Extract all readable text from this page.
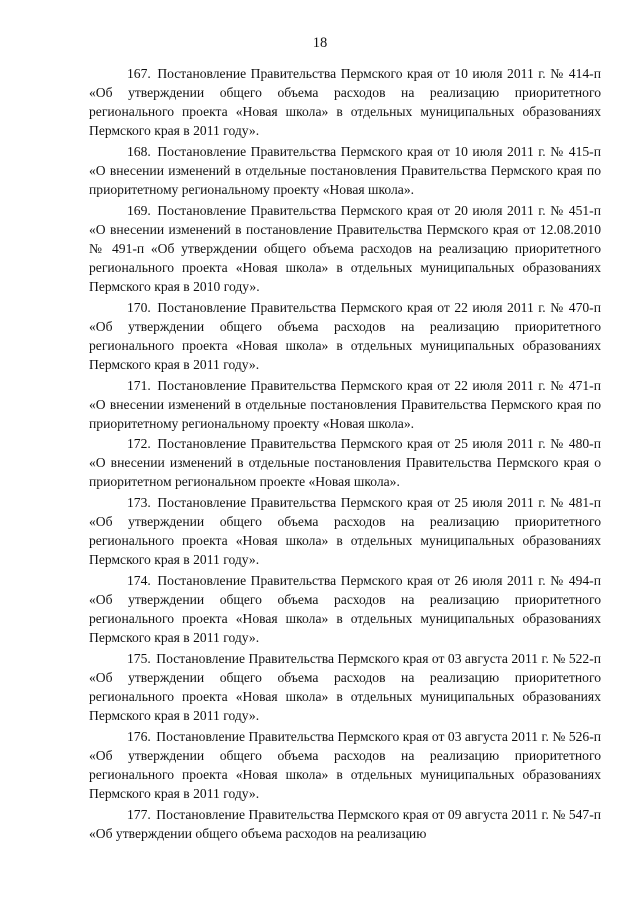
18

167. Постановление Правительства Пермского края от 10 июля 2011 г. № 414-п «Об утверждении общего объема расходов на реализацию приоритетного регионального проекта «Новая школа» в отдельных муниципальных образованиях Пермского края в 2011 году».

168. Постановление Правительства Пермского края от 10 июля 2011 г. № 415-п «О внесении изменений в отдельные постановления Правительства Пермского края по приоритетному региональному проекту «Новая школа».

169. Постановление Правительства Пермского края от 20 июля 2011 г. № 451-п «О внесении изменений в постановление Правительства Пермского края от 12.08.2010 № 491-п «Об утверждении общего объема расходов на реализацию приоритетного регионального проекта «Новая школа» в отдельных муниципальных образованиях Пермского края в 2010 году».

170. Постановление Правительства Пермского края от 22 июля 2011 г. № 470-п «Об утверждении общего объема расходов на реализацию приоритетного регионального проекта «Новая школа» в отдельных муниципальных образованиях Пермского края в 2011 году».

171. Постановление Правительства Пермского края от 22 июля 2011 г. № 471-п «О внесении изменений в отдельные постановления Правительства Пермского края по приоритетному региональному проекту «Новая школа».

172. Постановление Правительства Пермского края от 25 июля 2011 г. № 480-п «О внесении изменений в отдельные постановления Правительства Пермского края о приоритетном региональном проекте «Новая школа».

173. Постановление Правительства Пермского края от 25 июля 2011 г. № 481-п «Об утверждении общего объема расходов на реализацию приоритетного регионального проекта «Новая школа» в отдельных муниципальных образованиях Пермского края в 2011 году».

174. Постановление Правительства Пермского края от 26 июля 2011 г. № 494-п «Об утверждении общего объема расходов на реализацию приоритетного регионального проекта «Новая школа» в отдельных муниципальных образованиях Пермского края в 2011 году».

175. Постановление Правительства Пермского края от 03 августа 2011 г. № 522-п «Об утверждении общего объема расходов на реализацию приоритетного регионального проекта «Новая школа» в отдельных муниципальных образованиях Пермского края в 2011 году».

176. Постановление Правительства Пермского края от 03 августа 2011 г. № 526-п «Об утверждении общего объема расходов на реализацию приоритетного регионального проекта «Новая школа» в отдельных муниципальных образованиях Пермского края в 2011 году».

177. Постановление Правительства Пермского края от 09 августа 2011 г. № 547-п «Об утверждении общего объема расходов на реализацию
